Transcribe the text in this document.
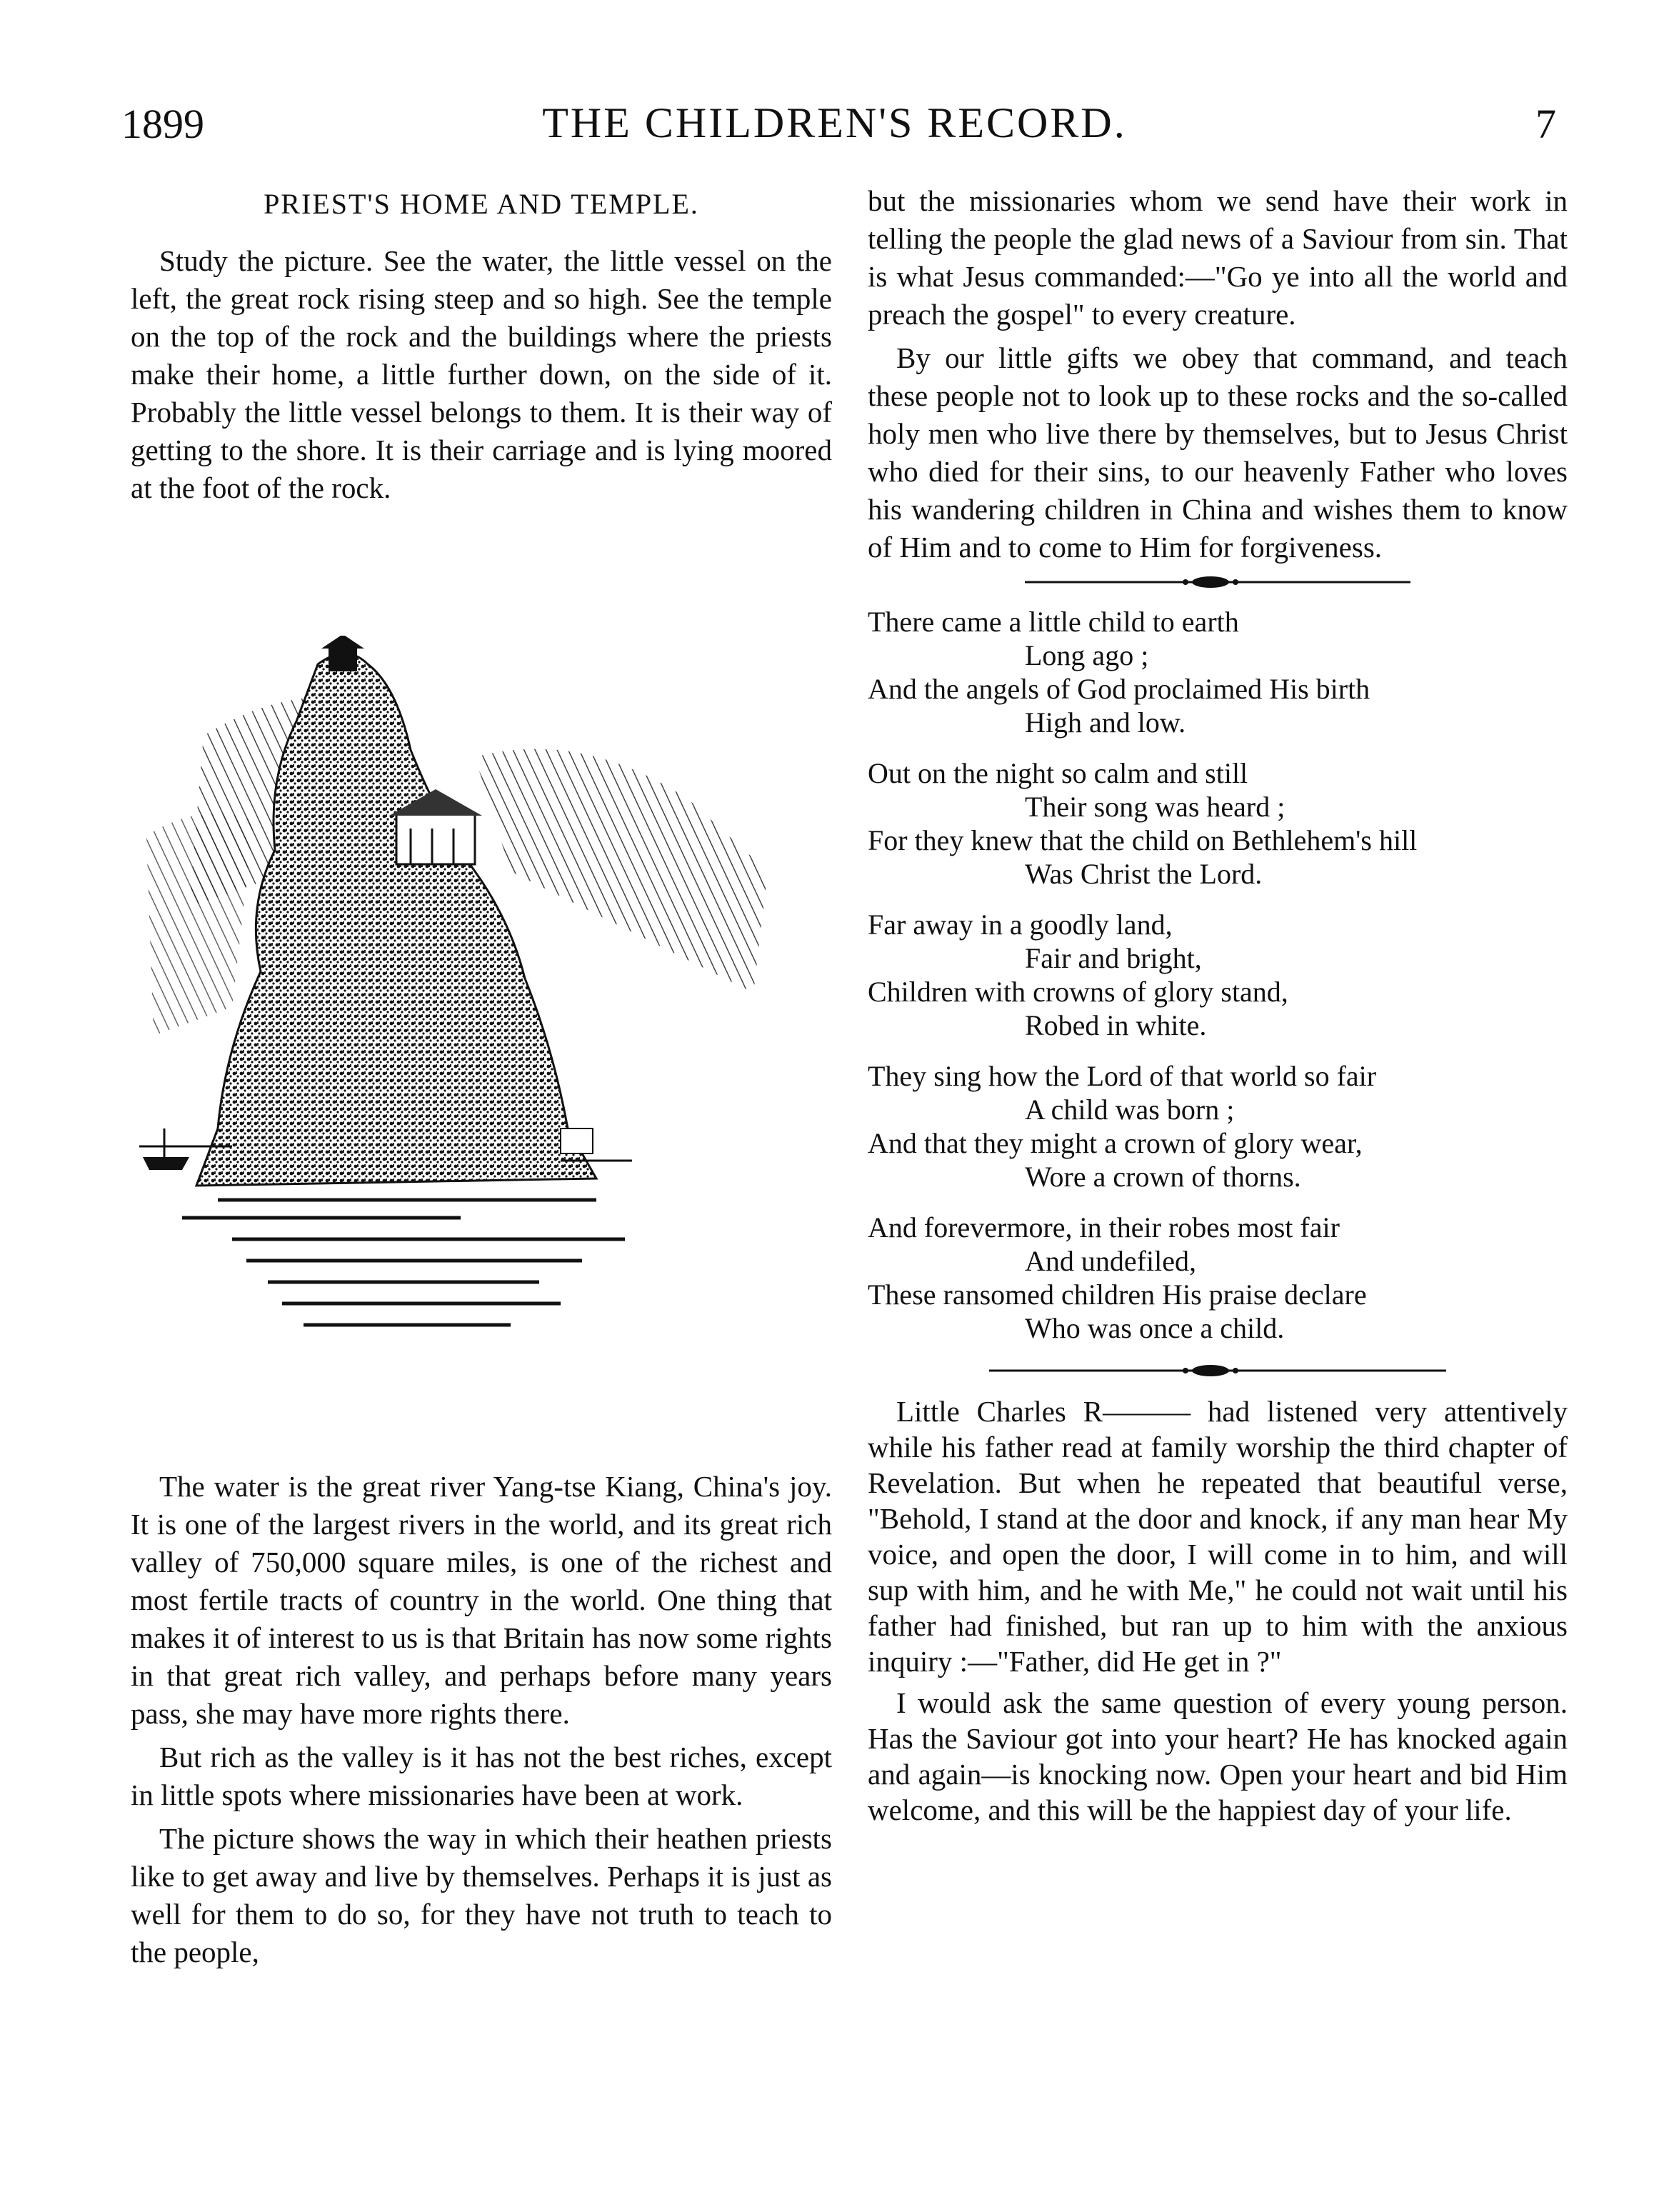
1899	THE CHILDREN'S RECORD.	7
PRIEST'S HOME AND TEMPLE.

Study the picture. See the water, the little vessel on the left, the great rock rising steep and so high. See the temple on the top of the rock and the buildings where the priests make their home, a little further down, on the side of it. Probably the little vessel belongs to them. It is their way of getting to the shore. It is their carriage and is lying moored at the foot of the rock.

The water is the great river Yang-tse Kiang, China's joy. It is one of the largest rivers in the world, and its great rich valley of 750,000 square miles, is one of the richest and most fertile tracts of country in the world. One thing that makes it of interest to us is that Britain has now some rights in that great rich valley, and perhaps before many years pass, she may have more rights there.

But rich as the valley is it has not the best riches, except in little spots where missionaries have been at work.

The picture shows the way in which their heathen priests like to get away and live by themselves. Perhaps it is just as well for them to do so, for they have not truth to teach to the people,

but the missionaries whom we send have their work in telling the people the glad news of a Saviour from sin. That is what Jesus commanded:—"Go ye into all the world and preach the gospel" to every creature.

By our little gifts we obey that command, and teach these people not to look up to these rocks and the so-called holy men who live there by themselves, but to Jesus Christ who died for their sins, to our heavenly Father who loves his wandering children in China and wishes them to know of Him and to come to Him for forgiveness.

There came a little child to earth
Long ago ;
And the angels of God proclaimed His birth
High and low.
Out on the night so calm and still
Their song was heard ;
For they knew that the child on Bethlehem's hill
Was Christ the Lord.
Far away in a goodly land,
Fair and bright,
Children with crowns of glory stand,
Robed in white.
They sing how the Lord of that world so fair
A child was born ;
And that they might a crown of glory wear,
Wore a crown of thorns.
And forevermore, in their robes most fair
And undefiled,
These ransomed children His praise declare
Who was once a child.

Little Charles R——— had listened very attentively while his father read at family worship the third chapter of Revelation. But when he repeated that beautiful verse, "Behold, I stand at the door and knock, if any man hear My voice, and open the door, I will come in to him, and will sup with him, and he with Me," he could not wait until his father had finished, but ran up to him with the anxious inquiry :—"Father, did He get in ?"

I would ask the same question of every young person. Has the Saviour got into your heart? He has knocked again and again—is knocking now. Open your heart and bid Him welcome, and this will be the happiest day of your life.
